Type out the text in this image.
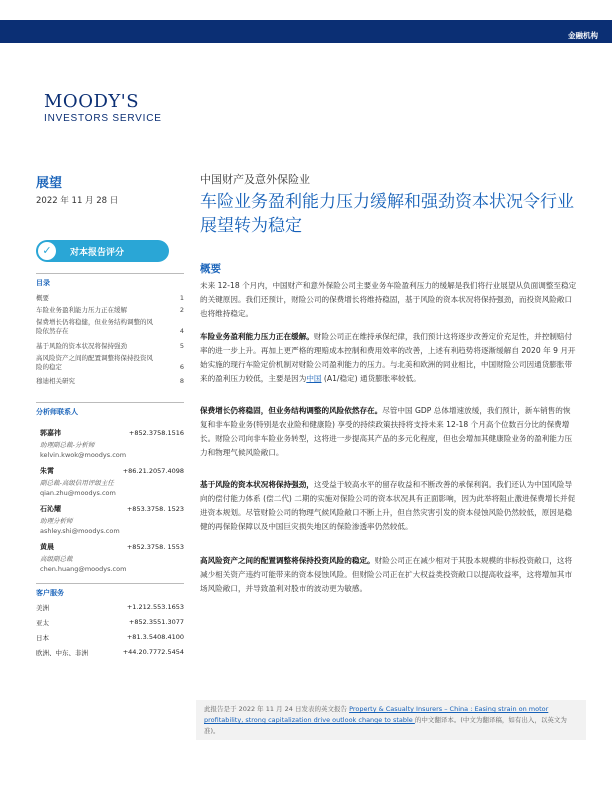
金融机构
MOODY'S
INVESTORS SERVICE
展望
2022 年 11 月 28 日
✓	对本报告评分
目录
概要	1
车险业务盈利能力压力正在缓解	2
保费增长仍将稳健，但业务结构调整的风险依然存在	4
基于风险的资本状况将保持强劲	5
高风险资产之间的配置调整将保持投资风险的稳定	6
穆迪相关研究	8
分析师联系人
郭嘉祎	+852.3758.1516
助理副总裁-分析师
kelvin.kwok@moodys.com
朱霄	+86.21.2057.4098
副总裁-高级信用评级主任
qian.zhu@moodys.com
石沁耀	+853.3758. 1523
助理分析师
ashley.shi@moodys.com
黄晨	+852.3758. 1553
高级副总裁
chen.huang@moodys.com
客户服务
美洲	+1.212.553.1653
亚太	+852.3551.3077
日本	+81.3.5408.4100
欧洲、中东、非洲	+44.20.7772.5454
中国财产及意外保险业
车险业务盈利能力压力缓解和强劲资本状况令行业展望转为稳定
概要
未来 12-18 个月内，中国财产和意外保险公司主要业务车险盈利压力的缓解是我们将行业展望从负面调整至稳定的关键原因。我们还预计，财险公司的保费增长将维持稳固，基于风险的资本状况将保持强劲，而投资风险敞口也将维持稳定。
车险业务盈利能力压力正在缓解。财险公司正在维持承保纪律，我们预计这将逐步改善定价充足性，并控制赔付率的进一步上升。再加上更严格的理赔成本控制和费用效率的改善，上述有利趋势将逐渐缓解自 2020 年 9 月开始实施的现行车险定价机制对财险公司盈利能力的压力。与北美和欧洲的同业相比，中国财险公司因通货膨胀带来的盈利压力较低，主要是因为中国 (A1/稳定) 通货膨胀率较低。
保费增长仍将稳固，但业务结构调整的风险依然存在。尽管中国 GDP 总体增速放缓，我们预计，新车销售的恢复和非车险业务(特别是农业险和健康险) 享受的持续政策扶持将支持未来 12-18 个月高个位数百分比的保费增长。财险公司向非车险业务转型，这将进一步提高其产品的多元化程度，但也会增加其健康险业务的盈利能力压力和物理气候风险敞口。
基于风险的资本状况将保持强劲，这受益于较高水平的留存收益和不断改善的承保利润。我们还认为中国风险导向的偿付能力体系 (偿二代) 二期的实施对保险公司的资本状况具有正面影响，因为此举将阻止激进保费增长并促进资本规划。尽管财险公司的物理气候风险敞口不断上升，但自然灾害引发的资本侵蚀风险仍然较低，原因是稳健的再保险保障以及中国巨灾损失地区的保险渗透率仍然较低。
高风险资产之间的配置调整将保持投资风险的稳定。财险公司正在减少相对于其股本规模的非标投资敞口，这将减少相关资产违约可能带来的资本侵蚀风险。但财险公司正在扩大权益类投资敞口以提高收益率，这将增加其市场风险敞口，并导致盈利对股市的波动更为敏感。
此报告是于 2022 年 11 月 24 日发表的英文报告 Property & Casualty Insurers – China : Easing strain on motor profitability, strong capitalization drive outlook change to stable 的中文翻译本。(中文为翻译稿，如有出入，以英文为准)。
